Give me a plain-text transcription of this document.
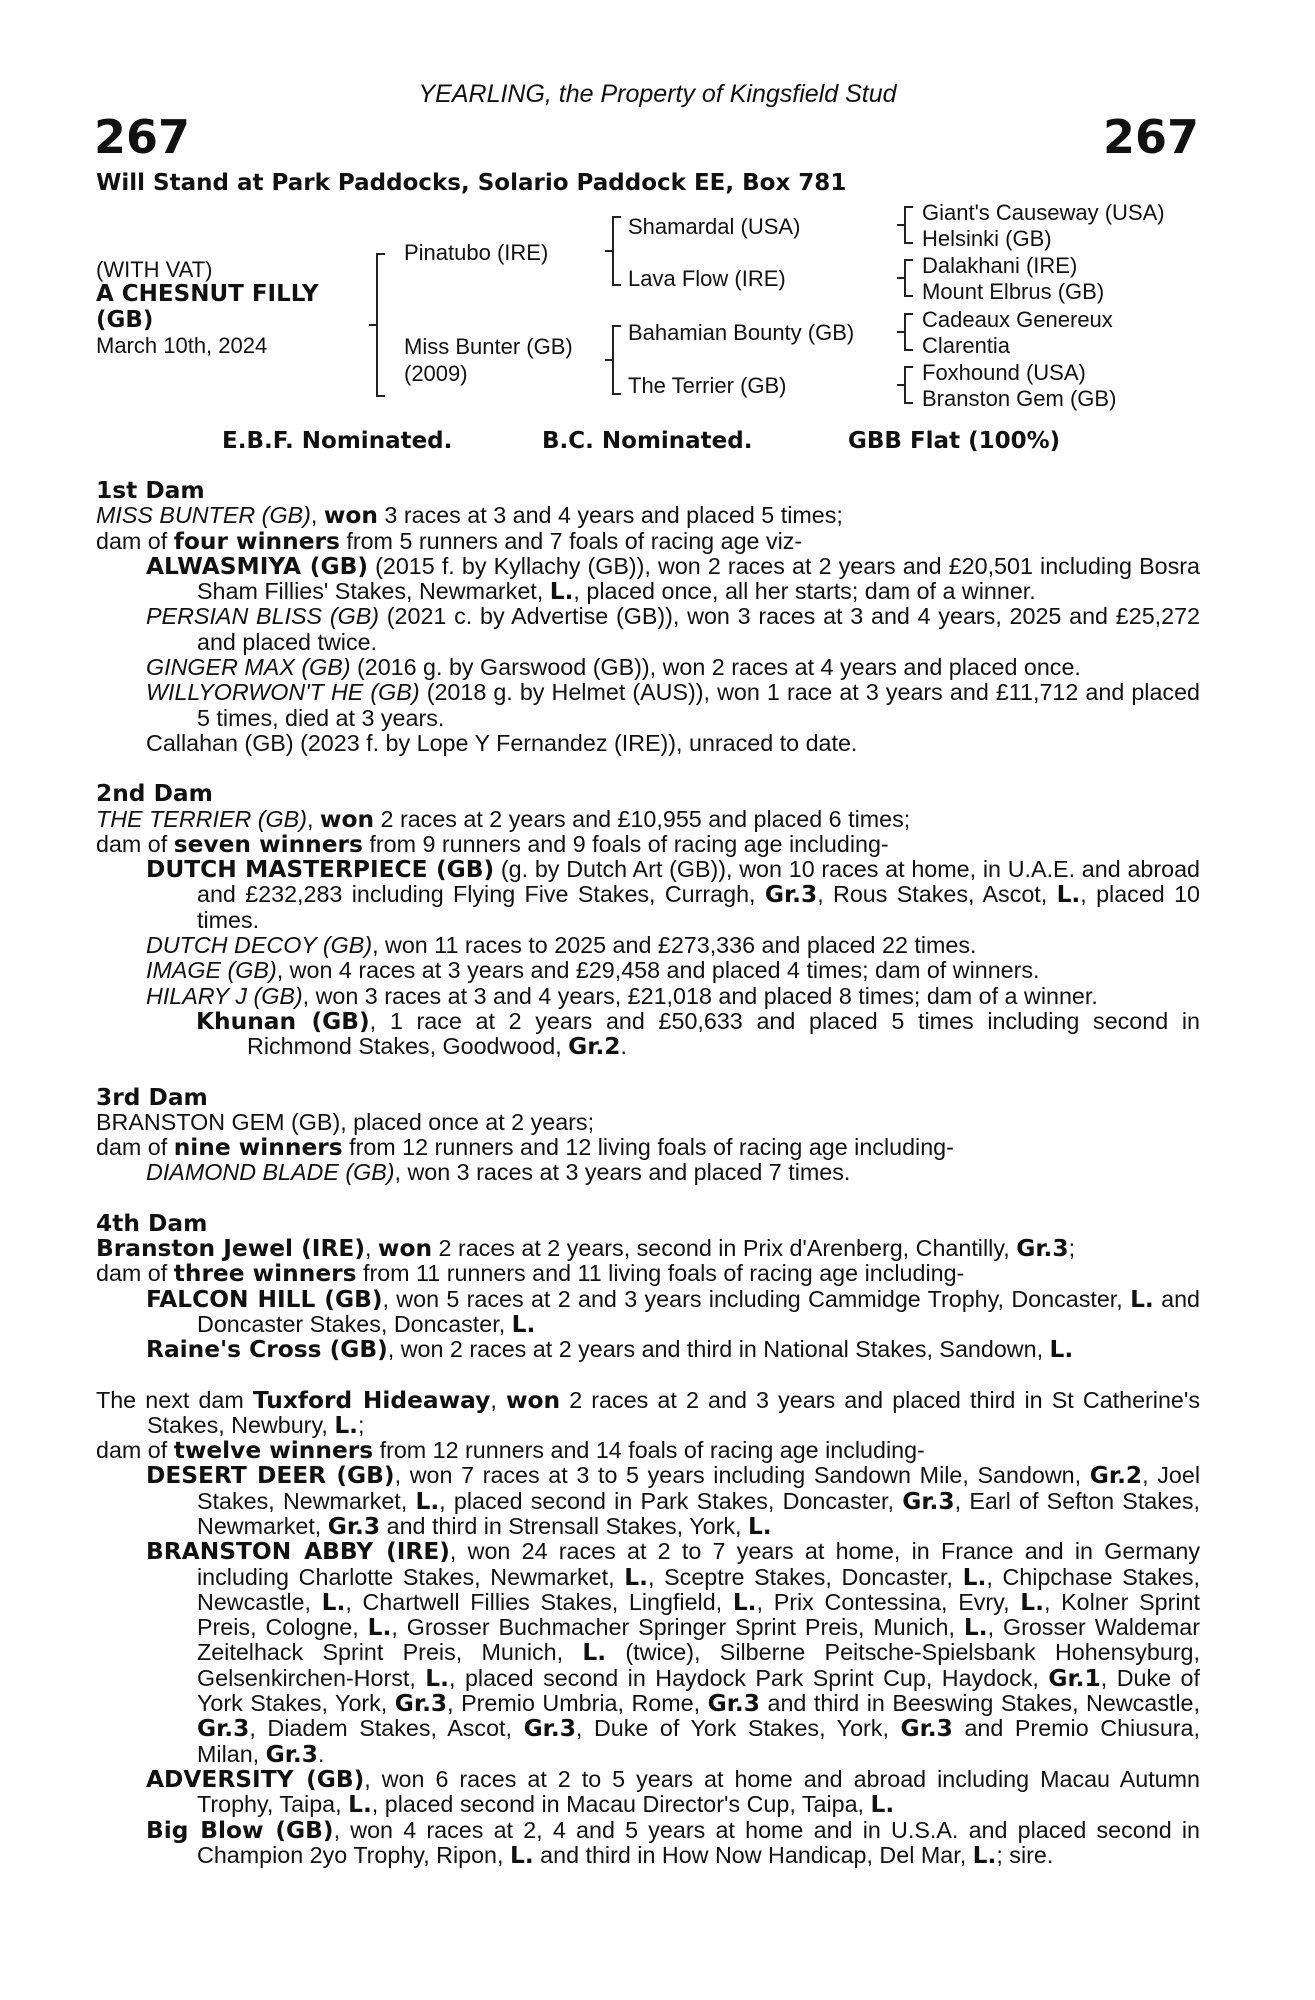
YEARLING, the Property of Kingsfield Stud
267	267
Will Stand at Park Paddocks, Solario Paddock EE, Box 781
(WITH VAT)
A CHESNUT FILLY
(GB)
March 10th, 2024
Pinatubo (IRE)
Miss Bunter (GB)
(2009)
Shamardal (USA)
Lava Flow (IRE)
Bahamian Bounty (GB)
The Terrier (GB)
Giant's Causeway (USA)
Helsinki (GB)
Dalakhani (IRE)
Mount Elbrus (GB)
Cadeaux Genereux
Clarentia
Foxhound (USA)
Branston Gem (GB)
E.B.F. Nominated.	B.C. Nominated.	GBB Flat (100%)

1st Dam

MISS BUNTER (GB), won 3 races at 3 and 4 years and placed 5 times;

dam of four winners from 5 runners and 7 foals of racing age viz-

ALWASMIYA (GB) (2015 f. by Kyllachy (GB)), won 2 races at 2 years and £20,501 including Bosra Sham Fillies' Stakes, Newmarket, L., placed once, all her starts; dam of a winner.

PERSIAN BLISS (GB) (2021 c. by Advertise (GB)), won 3 races at 3 and 4 years, 2025 and £25,272 and placed twice.

GINGER MAX (GB) (2016 g. by Garswood (GB)), won 2 races at 4 years and placed once.

WILLYORWON'T HE (GB) (2018 g. by Helmet (AUS)), won 1 race at 3 years and £11,712 and placed 5 times, died at 3 years.

Callahan (GB) (2023 f. by Lope Y Fernandez (IRE)), unraced to date.

2nd Dam

THE TERRIER (GB), won 2 races at 2 years and £10,955 and placed 6 times;

dam of seven winners from 9 runners and 9 foals of racing age including-

DUTCH MASTERPIECE (GB) (g. by Dutch Art (GB)), won 10 races at home, in U.A.E. and abroad and £232,283 including Flying Five Stakes, Curragh, Gr.3, Rous Stakes, Ascot, L., placed 10 times.

DUTCH DECOY (GB), won 11 races to 2025 and £273,336 and placed 22 times.

IMAGE (GB), won 4 races at 3 years and £29,458 and placed 4 times; dam of winners.

HILARY J (GB), won 3 races at 3 and 4 years, £21,018 and placed 8 times; dam of a winner.

Khunan (GB), 1 race at 2 years and £50,633 and placed 5 times including second in Richmond Stakes, Goodwood, Gr.2.

3rd Dam

BRANSTON GEM (GB), placed once at 2 years;

dam of nine winners from 12 runners and 12 living foals of racing age including-

DIAMOND BLADE (GB), won 3 races at 3 years and placed 7 times.

4th Dam

Branston Jewel (IRE), won 2 races at 2 years, second in Prix d'Arenberg, Chantilly, Gr.3;

dam of three winners from 11 runners and 11 living foals of racing age including-

FALCON HILL (GB), won 5 races at 2 and 3 years including Cammidge Trophy, Doncaster, L. and Doncaster Stakes, Doncaster, L.

Raine's Cross (GB), won 2 races at 2 years and third in National Stakes, Sandown, L.

The next dam Tuxford Hideaway, won 2 races at 2 and 3 years and placed third in St Catherine's Stakes, Newbury, L.;

dam of twelve winners from 12 runners and 14 foals of racing age including-

DESERT DEER (GB), won 7 races at 3 to 5 years including Sandown Mile, Sandown, Gr.2, Joel Stakes, Newmarket, L., placed second in Park Stakes, Doncaster, Gr.3, Earl of Sefton Stakes, Newmarket, Gr.3 and third in Strensall Stakes, York, L.

BRANSTON ABBY (IRE), won 24 races at 2 to 7 years at home, in France and in Germany including Charlotte Stakes, Newmarket, L., Sceptre Stakes, Doncaster, L., Chipchase Stakes, Newcastle, L., Chartwell Fillies Stakes, Lingfield, L., Prix Contessina, Evry, L., Kolner Sprint Preis, Cologne, L., Grosser Buchmacher Springer Sprint Preis, Munich, L., Grosser Waldemar Zeitelhack Sprint Preis, Munich, L. (twice), Silberne Peitsche-Spielsbank Hohensyburg, Gelsenkirchen-Horst, L., placed second in Haydock Park Sprint Cup, Haydock, Gr.1, Duke of York Stakes, York, Gr.3, Premio Umbria, Rome, Gr.3 and third in Beeswing Stakes, Newcastle, Gr.3, Diadem Stakes, Ascot, Gr.3, Duke of York Stakes, York, Gr.3 and Premio Chiusura, Milan, Gr.3.

ADVERSITY (GB), won 6 races at 2 to 5 years at home and abroad including Macau Autumn Trophy, Taipa, L., placed second in Macau Director's Cup, Taipa, L.

Big Blow (GB), won 4 races at 2, 4 and 5 years at home and in U.S.A. and placed second in Champion 2yo Trophy, Ripon, L. and third in How Now Handicap, Del Mar, L.; sire.
